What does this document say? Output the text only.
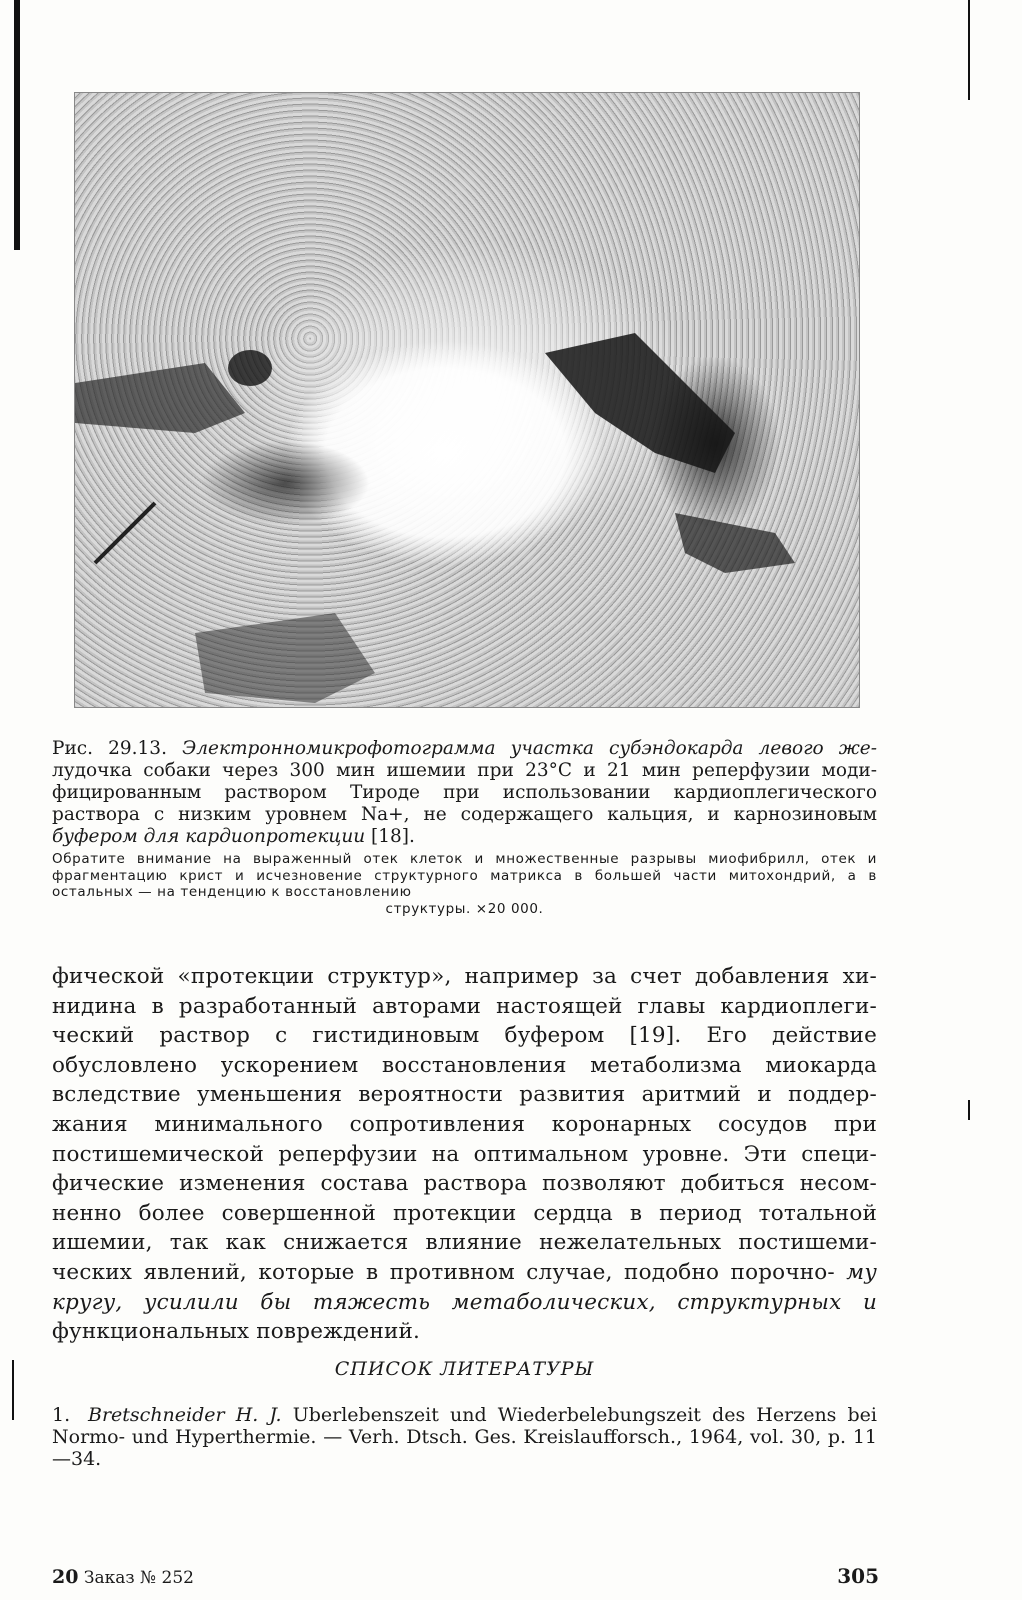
Рис. 29.13. Электронномикрофотограмма участка субэндокарда левого же- лудочка собаки через 300 мин ишемии при 23°С и 21 мин реперфузии моди-фицированным раствором Тироде при использовании кардиоплегического раствора с низким уровнем Na+, не содержащего кальция, и карнозиновым буфером для кардиопротекции [18].
Обратите внимание на выраженный отек клеток и множественные разрывы миофибрилл, отек и фрагментацию крист и исчезновение структурного матрикса в большей части митохондрий, а в остальных — на тенденцию к восстановлению
структуры. ×20 000.
фической «протекции структур», например за счет добавления хи-нидина в разработанный авторами настоящей главы кардиоплеги-ческий раствор с гистидиновым буфером [19]. Его действие обусловлено ускорением восстановления метаболизма миокарда вследствие уменьшения вероятности развития аритмий и поддер-жания минимального сопротивления коронарных сосудов при постишемической реперфузии на оптимальном уровне. Эти специ-фические изменения состава раствора позволяют добиться несом-ненно более совершенной протекции сердца в период тотальной ишемии, так как снижается влияние нежелательных постишеми-ческих явлений, которые в противном случае, подобно порочно- му кругу, усилили бы тяжесть метаболических, структурных и функциональных повреждений.
СПИСОК ЛИТЕРАТУРЫ
1. Bretschneider H. J. Uberlebenszeit und Wiederbelebungszeit des Herzens bei Normo- und Hyperthermie. — Verh. Dtsch. Ges. Kreislaufforsch., 1964, vol. 30, p. 11—34.
20 Заказ № 252	305
